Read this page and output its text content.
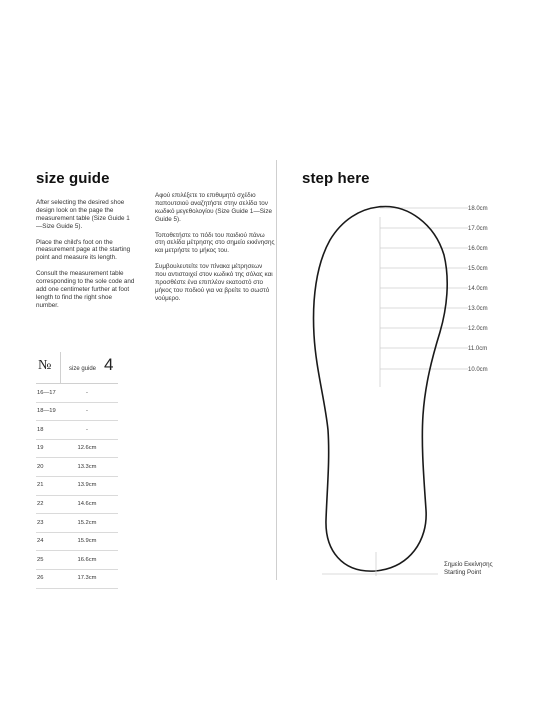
size guide	step here

After selecting the desired shoe design look on the page the measurement table (Size Guide 1—Size Guide 5).

Place the child's foot on the measurement page at the starting point and measure its length.

Consult the measurement table corresponding to the sole code and add one centimeter further at foot length to find the right shoe number.

Αφού επιλέξετε το επιθυμητό σχέδιο παπουτσιού αναζητήστε στην σελίδα τον κωδικό μεγεθολογίου (Size Guide 1—Size Guide 5).

Τοποθετήστε το πόδι του παιδιού πάνω στη σελίδα μέτρησης στο σημείο εκκίνησης και μετρήστε το μήκος του.

Συμβουλευτείτε τον πίνακα μέτρησεων που αντιστοιχεί στον κωδικό της σόλας και προσθέστε ένα επιπλέον εκατοστό στο μήκος του ποδιού για να βρείτε το σωστό νούμερο.

№	size guide 4
16—17	-
18—19	-
18	-
19	12.6cm
20	13.3cm
21	13.9cm
22	14.6cm
23	15.2cm
24	15.9cm
25	16.6cm
26	17.3cm
18.0cm
17.0cm
16.0cm
15.0cm
14.0cm
13.0cm
12.0cm
11.0cm
10.0cm
Σημείο Εκκίνησης
Starting Point
